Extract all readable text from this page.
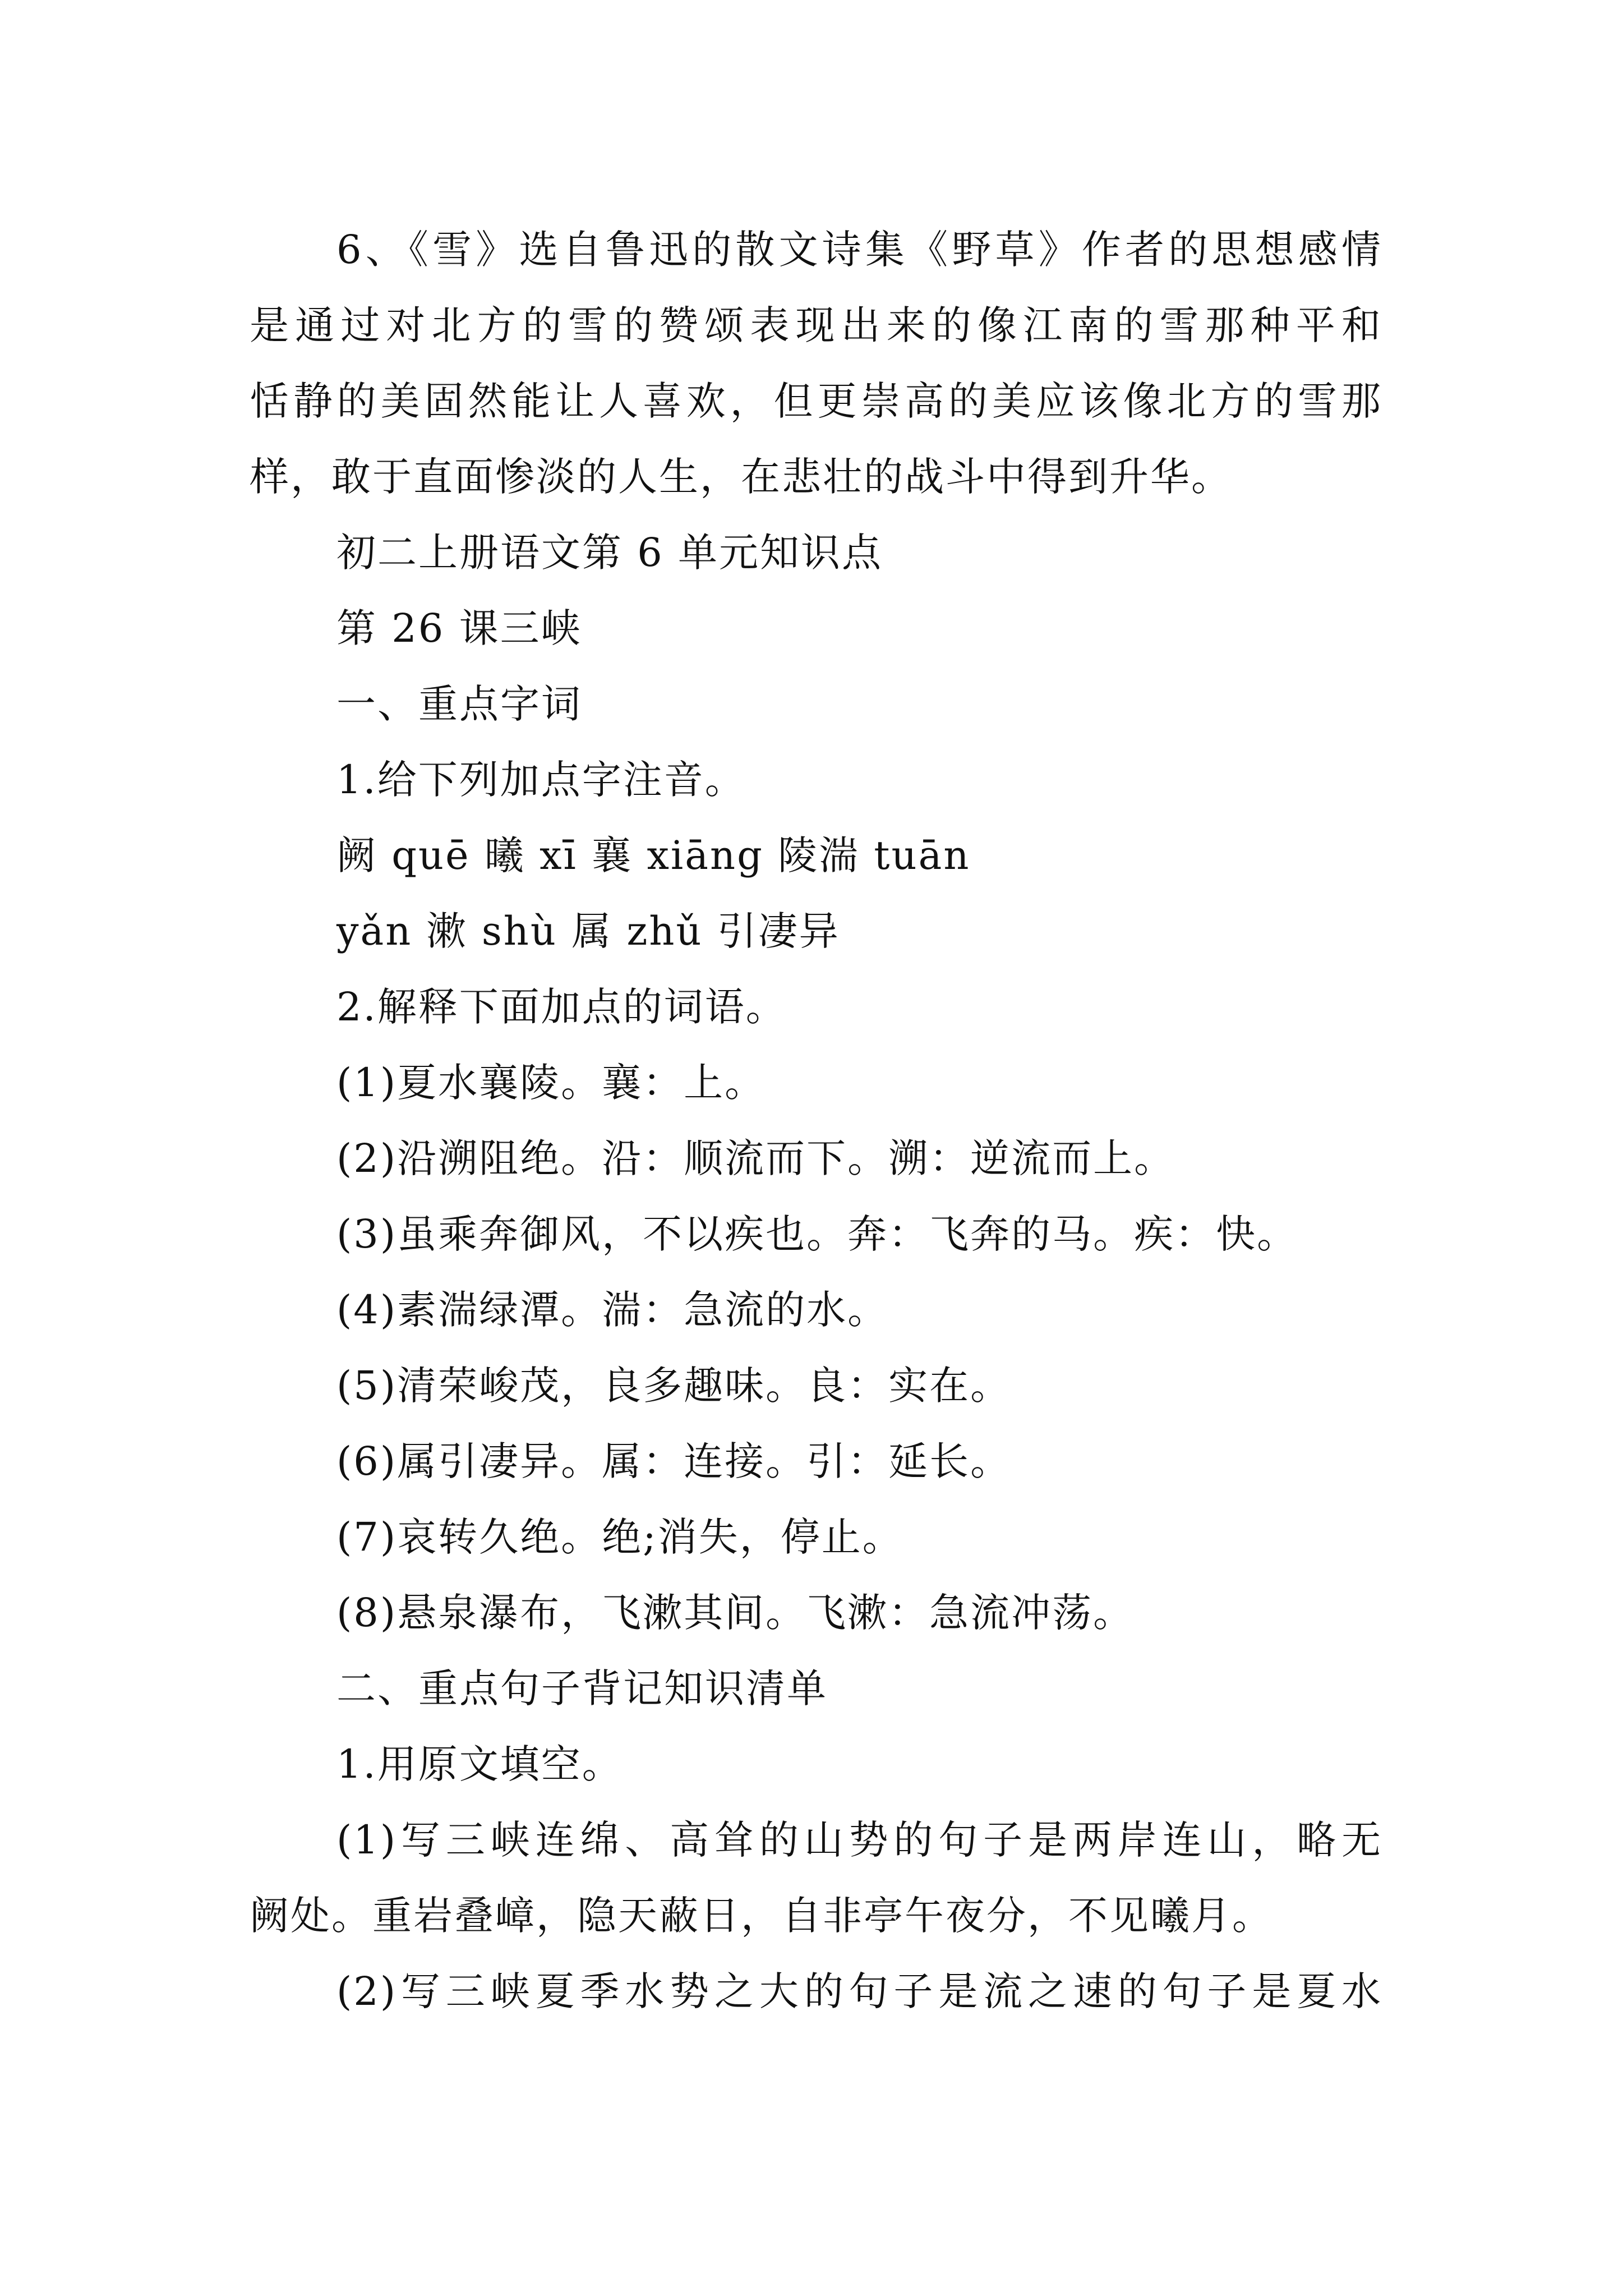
6、《雪》选自鲁迅的散文诗集《野草》作者的思想感情
是通过对北方的雪的赞颂表现出来的像江南的雪那种平和
恬静的美固然能让人喜欢，但更崇高的美应该像北方的雪那
样，敢于直面惨淡的人生，在悲壮的战斗中得到升华。
初二上册语文第 6 单元知识点
第 26 课三峡
一、重点字词
1.给下列加点字注音。
阙 quē 曦 xī 襄 xiāng 陵湍 tuān
yǎn 漱 shù 属 zhǔ 引凄异
2.解释下面加点的词语。
(1)夏水襄陵。襄：上。
(2)沿溯阻绝。沿：顺流而下。溯：逆流而上。
(3)虽乘奔御风，不以疾也。奔：飞奔的马。疾：快。
(4)素湍绿潭。湍：急流的水。
(5)清荣峻茂，良多趣味。良：实在。
(6)属引凄异。属：连接。引：延长。
(7)哀转久绝。绝;消失，停止。
(8)悬泉瀑布，飞漱其间。飞漱：急流冲荡。
二、重点句子背记知识清单
1.用原文填空。
(1)写三峡连绵、高耸的山势的句子是两岸连山，略无
阙处。重岩叠嶂，隐天蔽日，自非亭午夜分，不见曦月。
(2)写三峡夏季水势之大的句子是流之速的句子是夏水
